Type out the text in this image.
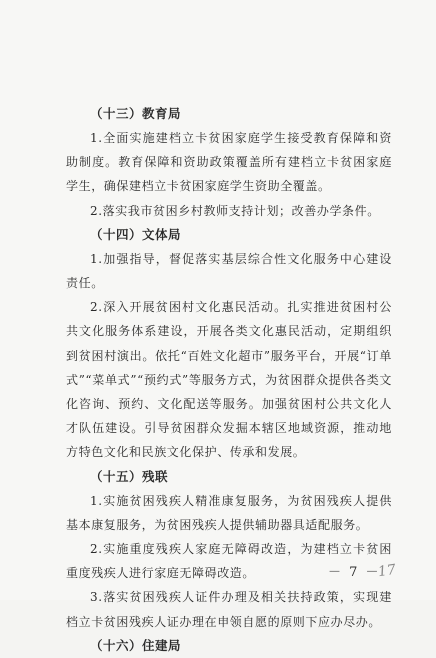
（十三）教育局

1.全面实施建档立卡贫困家庭学生接受教育保障和资助制度。教育保障和资助政策覆盖所有建档立卡贫困家庭学生，确保建档立卡贫困家庭学生资助全覆盖。

2.落实我市贫困乡村教师支持计划；改善办学条件。

（十四）文体局

1.加强指导，督促落实基层综合性文化服务中心建设责任。

2.深入开展贫困村文化惠民活动。扎实推进贫困村公共文化服务体系建设，开展各类文化惠民活动，定期组织到贫困村演出。依托“百姓文化超市”服务平台，开展“订单式”“菜单式”“预约式”等服务方式，为贫困群众提供各类文化咨询、预约、文化配送等服务。加强贫困村公共文化人才队伍建设。引导贫困群众发掘本辖区地域资源，推动地方特色文化和民族文化保护、传承和发展。

（十五）残联

1.实施贫困残疾人精准康复服务，为贫困残疾人提供基本康复服务，为贫困残疾人提供辅助器具适配服务。

2.实施重度残疾人家庭无障碍改造，为建档立卡贫困重度残疾人进行家庭无障碍改造。

3.落实贫困残疾人证件办理及相关扶持政策，实现建档立卡贫困残疾人证办理在申领自愿的原则下应办尽办。

（十六）住建局

－ 7 －
17
